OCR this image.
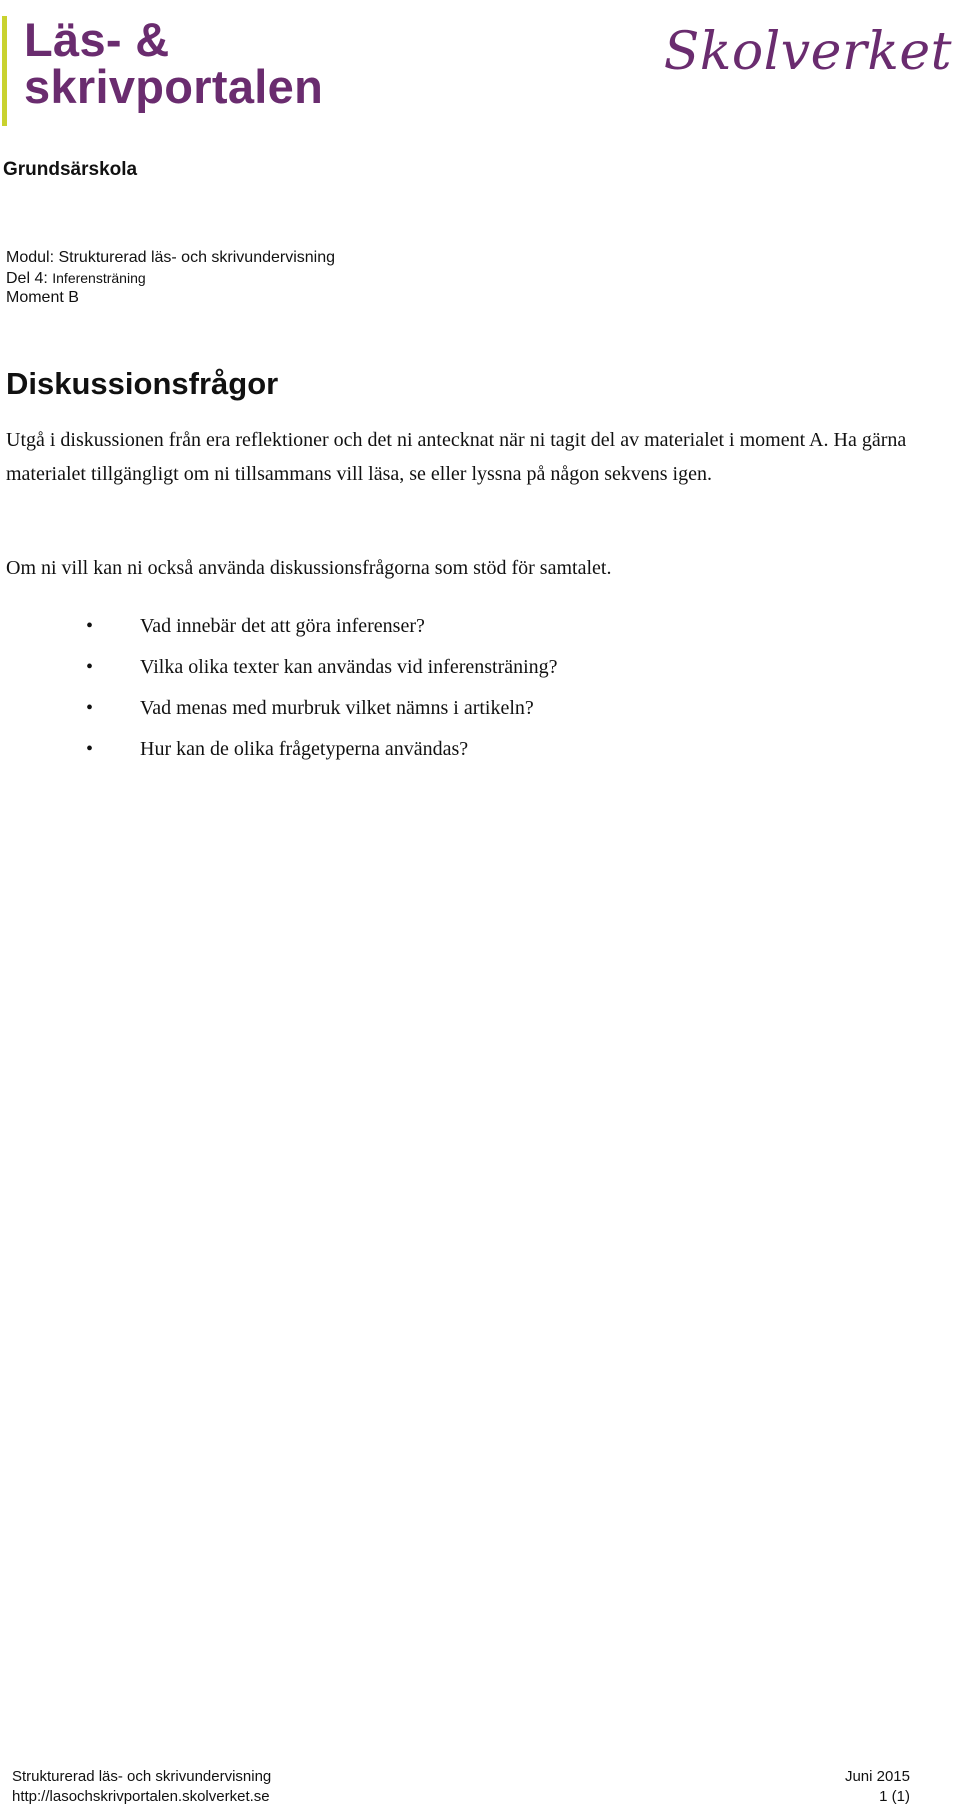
Läs- &
skrivportalen
Skolverket
Grundsärskola
Modul: Strukturerad läs- och skrivundervisning
Del 4: Inferensträning
Moment B
Diskussionsfrågor

Utgå i diskussionen från era reflektioner och det ni antecknat när ni tagit del av materialet i moment A. Ha gärna materialet tillgängligt om ni tillsammans vill läsa, se eller lyssna på någon sekvens igen.

Om ni vill kan ni också använda diskussionsfrågorna som stöd för samtalet.

• Vad innebär det att göra inferenser?
• Vilka olika texter kan användas vid inferensträning?
• Vad menas med murbruk vilket nämns i artikeln?
• Hur kan de olika frågetyperna användas?
Strukturerad läs- och skrivundervisning
http://lasochskrivportalen.skolverket.se
Juni 2015
1 (1)
